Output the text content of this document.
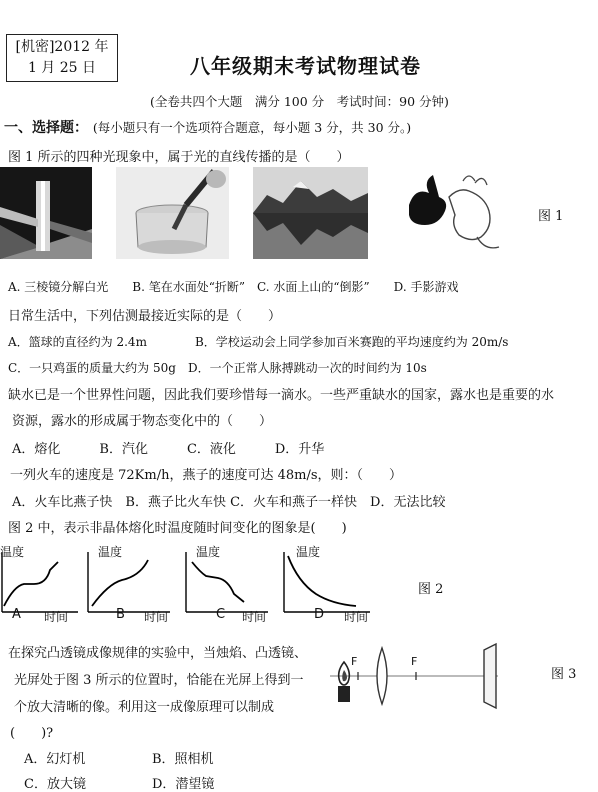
[机密]2012 年
1 月 25 日	八年级期末考试物理试卷
(全卷共四个大题　满分 100 分　考试时间：90 分钟)
一、选择题： (每小题只有一个选项符合题意，每小题 3 分，共 30 分。)
图 1 所示的四种光现象中，属于光的直线传播的是（　　）
图 1
A. 三棱镜分解白光　　B. 笔在水面处“折断”　C. 水面上山的“倒影”　　D. 手影游戏
日常生活中，下列估测最接近实际的是（　　）
A．篮球的直径约为 2.4m　　　　B．学校运动会上同学参加百米赛跑的平均速度约为 20m/s
C．一只鸡蛋的质量大约为 50g　D．一个正常人脉搏跳动一次的时间约为 10s
缺水已是一个世界性问题，因此我们要珍惜每一滴水。一些严重缺水的国家，露水也是重要的水
资源，露水的形成属于物态变化中的（　　）
A．熔化　　　B．汽化　　　C．液化　　　D．升华
一列火车的速度是 72Km/h，燕子的速度可达 48m/s，则：（　　）
A．火车比燕子快　B．燕子比火车快 C．火车和燕子一样快　D．无法比较
图 2 中，表示非晶体熔化时温度随时间变化的图象是(　　)
温度
A 时间
温度
B 时间
温度
C 时间
温度
D 时间
图 2
在探究凸透镜成像规律的实验中，当烛焰、凸透镜、
光屏处于图 3 所示的位置时，恰能在光屏上得到一
个放大清晰的像。利用这一成像原理可以制成
(　　)?
F	F
图 3
A．幻灯机	B．照相机
C．放大镜	D．潜望镜
